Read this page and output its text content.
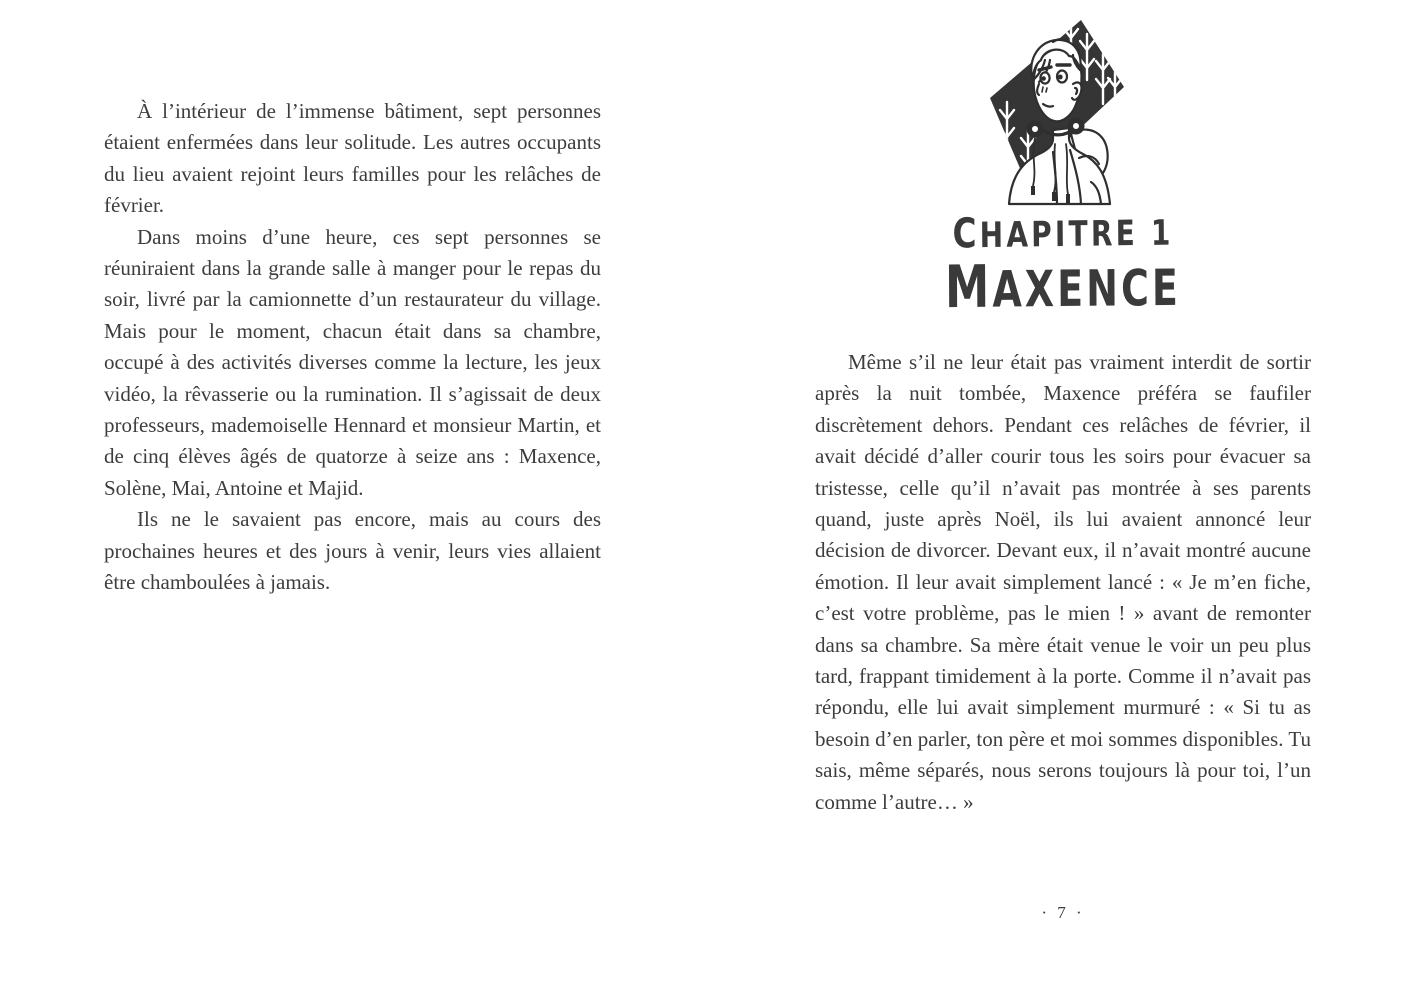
À l’intérieur de l’immense bâtiment, sept personnes étaient enfermées dans leur solitude. Les autres occupants du lieu avaient rejoint leurs familles pour les relâches de février.

Dans moins d’une heure, ces sept personnes se réuniraient dans la grande salle à manger pour le repas du soir, livré par la camionnette d’un restaurateur du village. Mais pour le moment, chacun était dans sa chambre, occupé à des activités diverses comme la lecture, les jeux vidéo, la rêvasserie ou la rumination. Il s’agissait de deux professeurs, mademoiselle Hennard et monsieur Martin, et de cinq élèves âgés de quatorze à seize ans : Maxence, Solène, Mai, Antoine et Majid.

Ils ne le savaient pas encore, mais au cours des prochaines heures et des jours à venir, leurs vies allaient être chamboulées à jamais.

CHAPITRE 1
MAXENCE

Même s’il ne leur était pas vraiment interdit de sortir après la nuit tombée, Maxence préféra se faufiler discrètement dehors. Pendant ces relâches de février, il avait décidé d’aller courir tous les soirs pour évacuer sa tristesse, celle qu’il n’avait pas montrée à ses parents quand, juste après Noël, ils lui avaient annoncé leur décision de divorcer. Devant eux, il n’avait montré aucune émotion. Il leur avait simplement lancé : « Je m’en fiche, c’est votre problème, pas le mien ! » avant de remonter dans sa chambre. Sa mère était venue le voir un peu plus tard, frappant timidement à la porte. Comme il n’avait pas répondu, elle lui avait simplement murmuré : « Si tu as besoin d’en parler, ton père et moi sommes disponibles. Tu sais, même séparés, nous serons toujours là pour toi, l’un comme l’autre… »

· 7 ·
